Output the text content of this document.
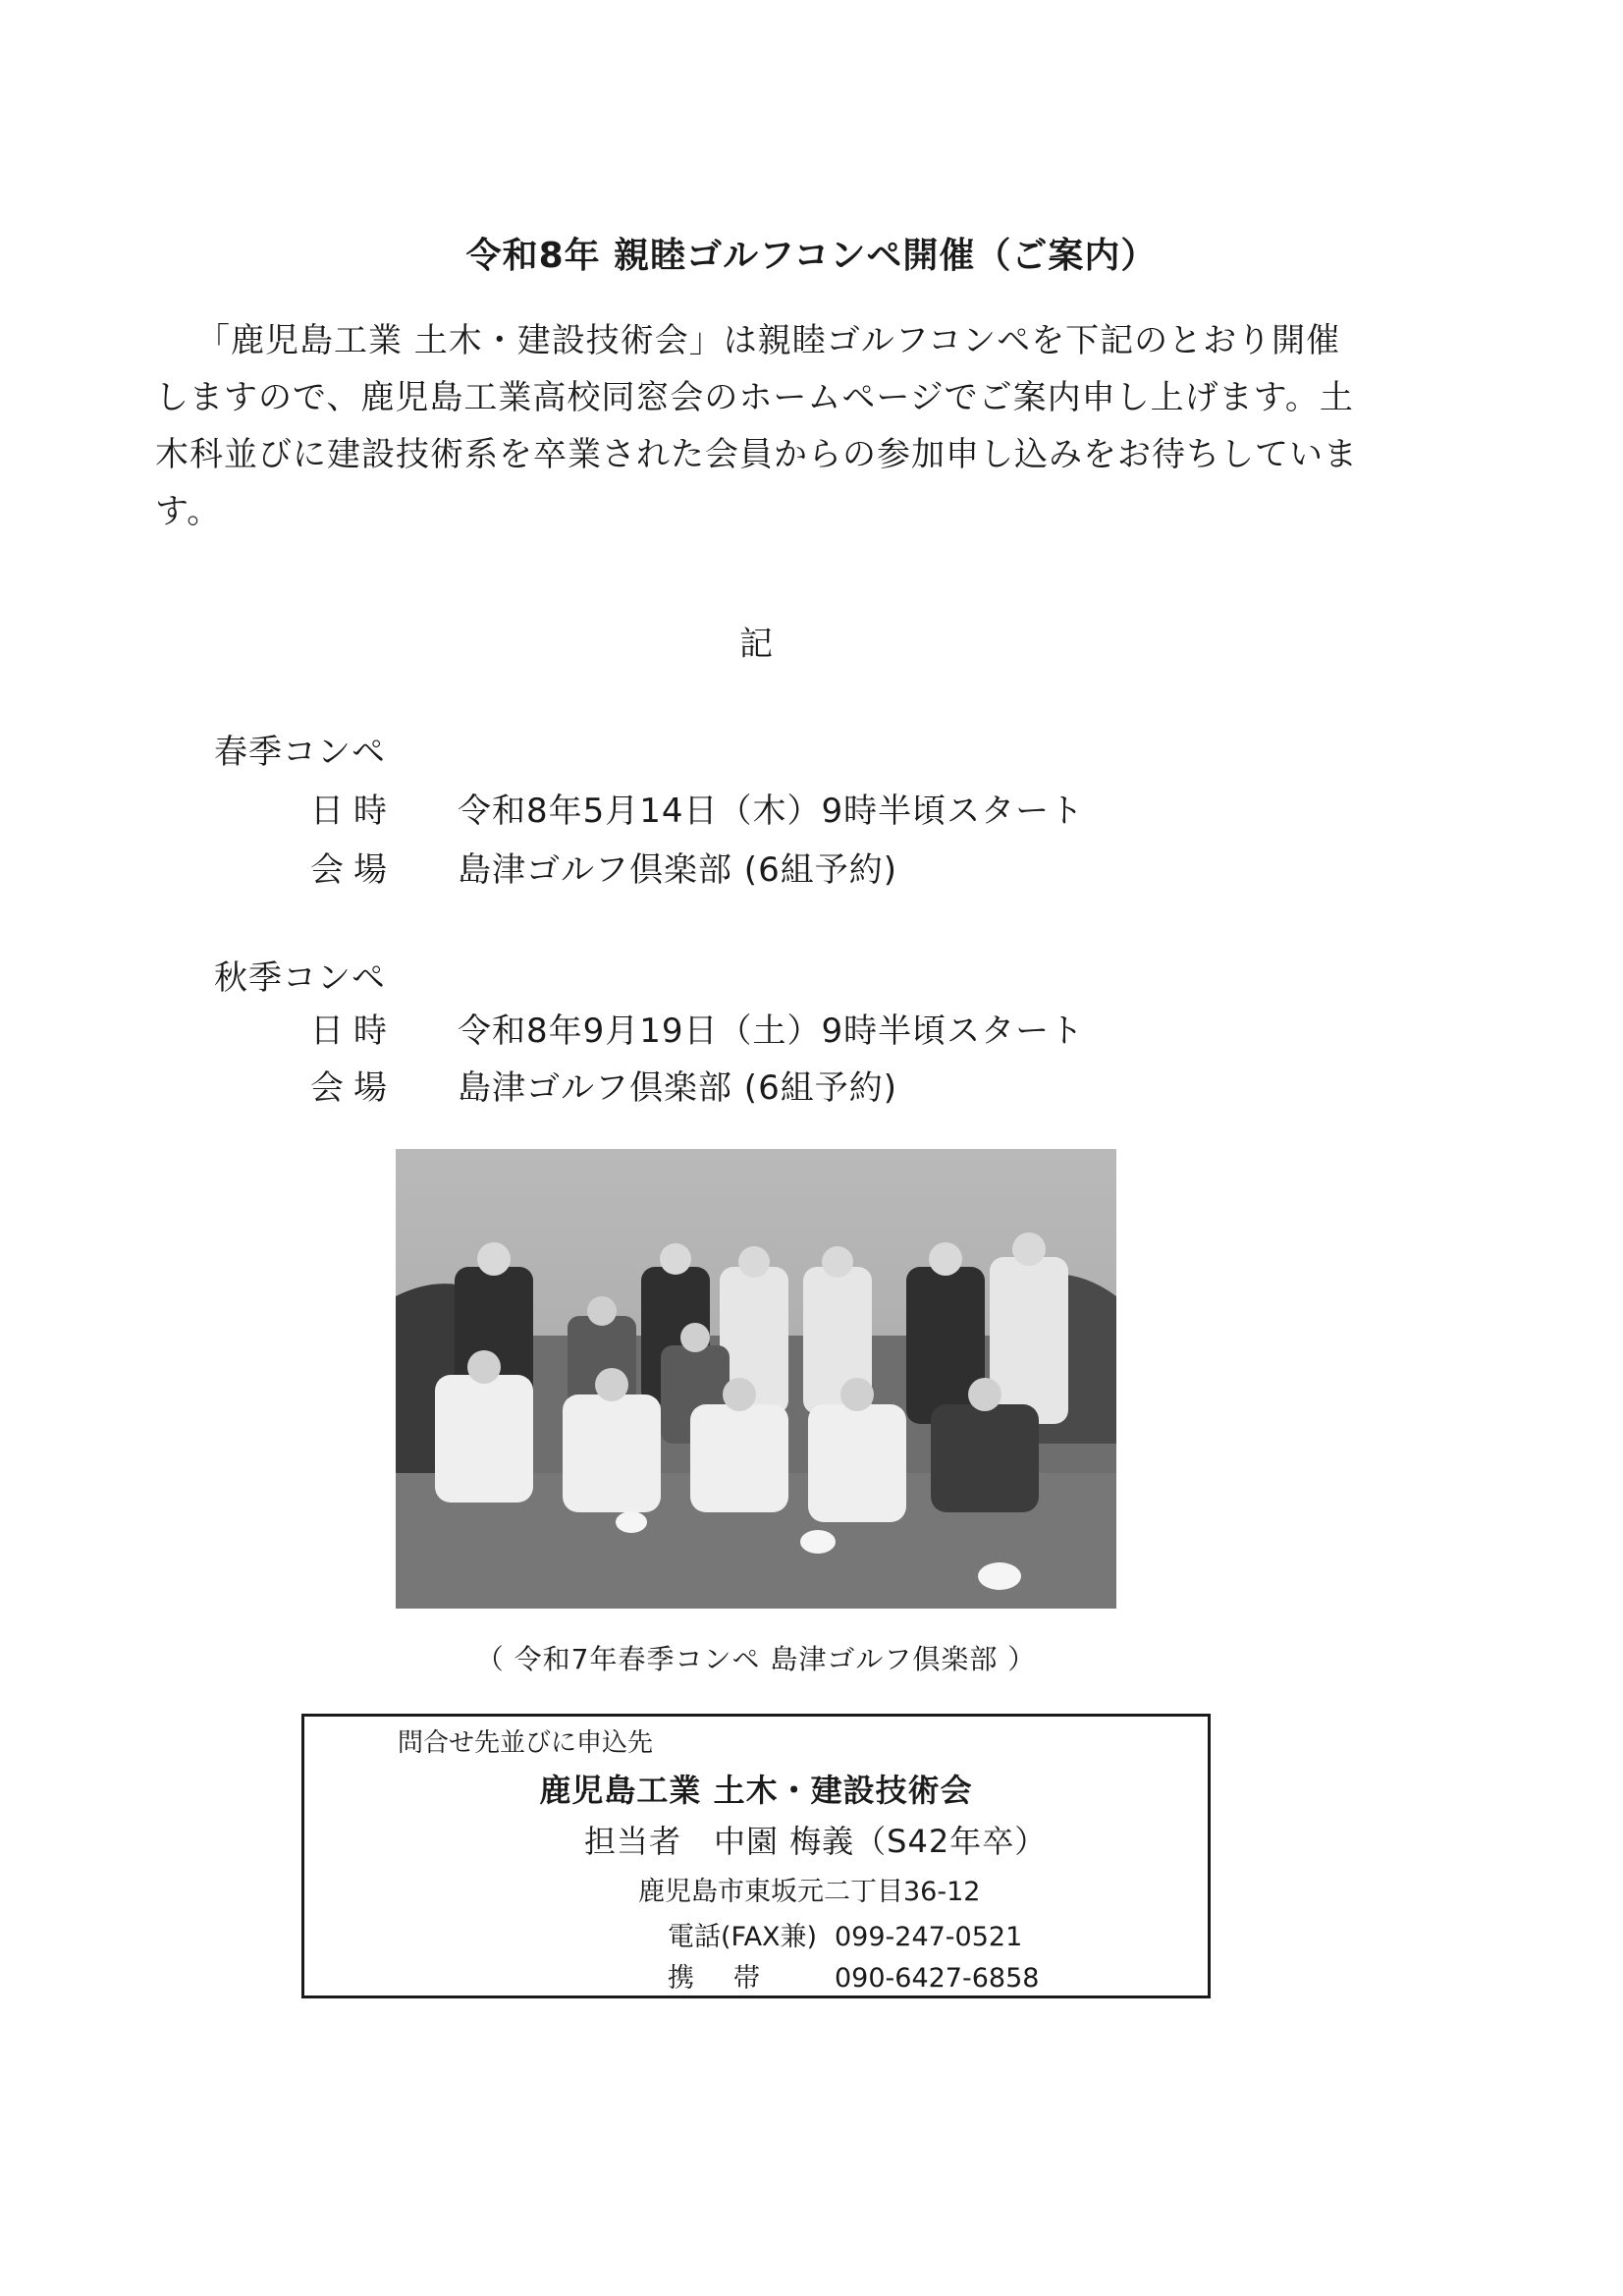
令和8年 親睦ゴルフコンペ開催（ご案内）

「鹿児島工業 土木・建設技術会」は親睦ゴルフコンペを下記のとおり開催しますので、鹿児島工業高校同窓会のホームページでご案内申し上げます。土木科並びに建設技術系を卒業された会員からの参加申し込みをお待ちしています。

記
春季コンペ
日時 令和8年5月14日（木）9時半頃スタート
会場 島津ゴルフ倶楽部 (6組予約)
秋季コンペ
日時 令和8年9月19日（土）9時半頃スタート
会場 島津ゴルフ倶楽部 (6組予約)
（ 令和7年春季コンペ 島津ゴルフ倶楽部 ）
問合せ先並びに申込先
鹿児島工業 土木・建設技術会
担当者　中園 梅義（S42年卒）
鹿児島市東坂元二丁目36-12
電話(FAX兼) 099-247-0521
携帯 090-6427-6858
